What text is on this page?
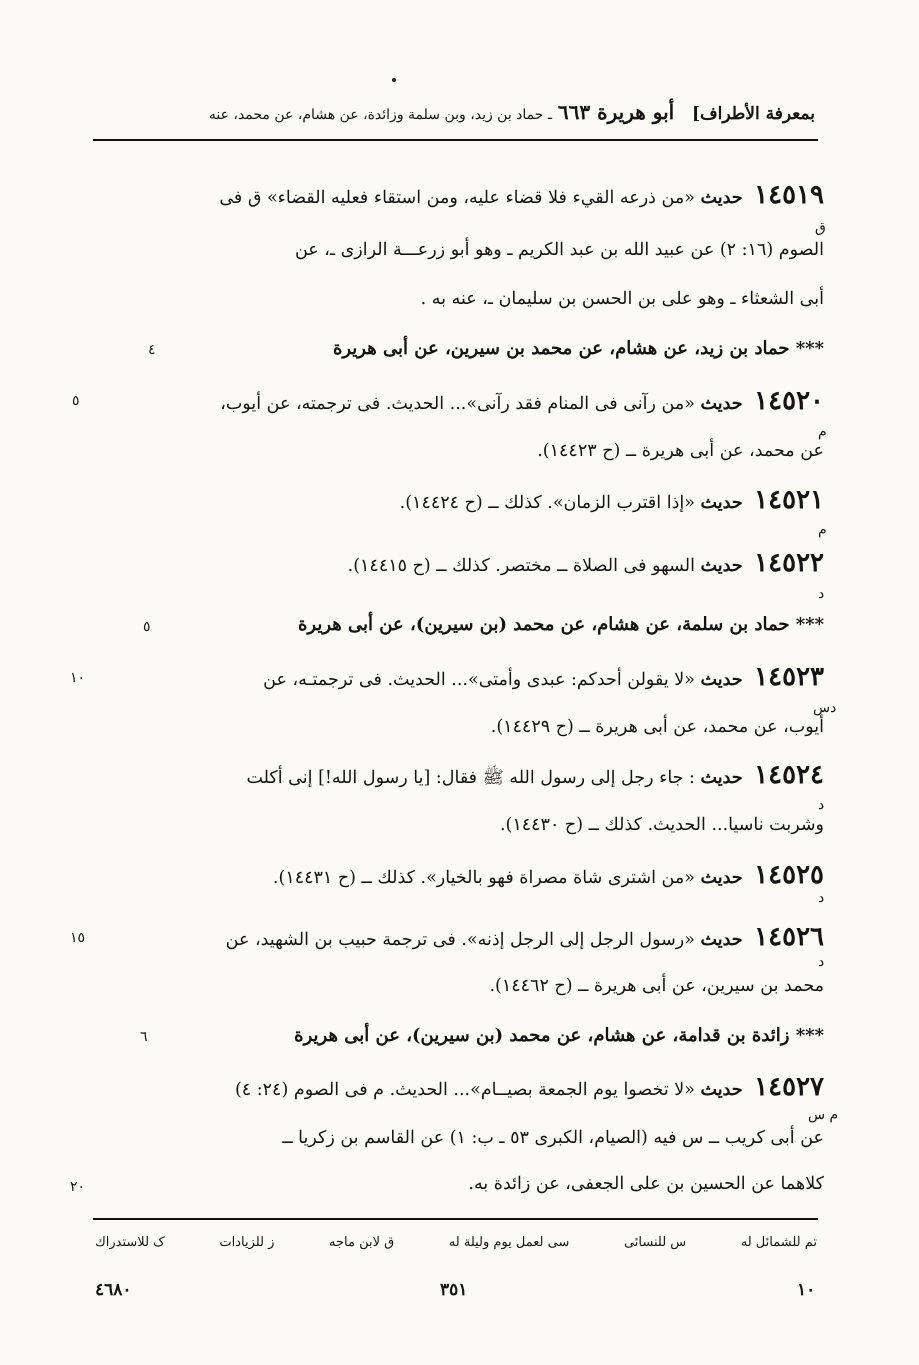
بمعرفة الأطراف]   أبو هريرة ٦٦٣ ـ حماد بن زيد، وبن سلمة وزائدة، عن هشام، عن محمد، عنه
١٤٥١٩ حديث «من ذرعه القيء فلا قضاء عليه، ومن استقاء فعليه القضاء» ق فى
الصوم (١٦: ٢) عن عبيد الله بن عبد الكريم ـ وهو أبو زرعـــة الرازى ـ، عن
أبى الشعثاء ـ وهو على بن الحسن بن سليمان ـ، عنه به .
*** حماد بن زيد، عن هشام، عن محمد بن سيرين، عن أبى هريرة
١٤٥٢٠ حديث «من رآنى فى المنام فقد رآنى»... الحديث. فى ترجمته، عن أيوب،
عن محمد، عن أبى هريرة ــ (ح ١٤٤٢٣).
١٤٥٢١ حديث «إذا اقترب الزمان». كذلك ــ (ح ١٤٤٢٤).
١٤٥٢٢ حديث السهو فى الصلاة ــ مختصر. كذلك ــ (ح ١٤٤١٥).
*** حماد بن سلمة، عن هشام، عن محمد (بن سيرين)، عن أبى هريرة
١٤٥٢٣ حديث «لا يقولن أحدكم: عبدى وأمتى»... الحديث. فى ترجمتـه، عن
أيوب، عن محمد، عن أبى هريرة ــ (ح ١٤٤٢٩).
١٤٥٢٤ حديث : جاء رجل إلى رسول الله ﷺ فقال: [يا رسول الله!] إنى أكلت
وشربت ناسيا... الحديث. كذلك ــ (ح ١٤٤٣٠).
١٤٥٢٥ حديث «من اشترى شاة مصراة فهو بالخيار». كذلك ــ (ح ١٤٤٣١).
١٤٥٢٦ حديث «رسول الرجل إلى الرجل إذنه». فى ترجمة حبيب بن الشهيد، عن
محمد بن سيرين، عن أبى هريرة ــ (ح ١٤٤٦٢).
*** زائدة بن قدامة، عن هشام، عن محمد (بن سيرين)، عن أبى هريرة
١٤٥٢٧ حديث «لا تخصوا يوم الجمعة بصيــام»... الحديث. م فى الصوم (٢٤: ٤)
عن أبى كريب ــ س فيه (الصيام، الكبرى ٥٣ ـ ب: ١) عن القاسم بن زكريا ــ
كلاهما عن الحسين بن على الجعفى، عن زائدة به.
ق
م
م
د
دس
د
د
د
م س
٤
٥
٥
١٠
١٥
٦
٢٠
تم للشمائل له
س للنسائى
سى لعمل يوم وليلة له
ق لابن ماجه
ز للزيادات
ک للاستدراك
٤٦٨٠	٣٥١	١٠
